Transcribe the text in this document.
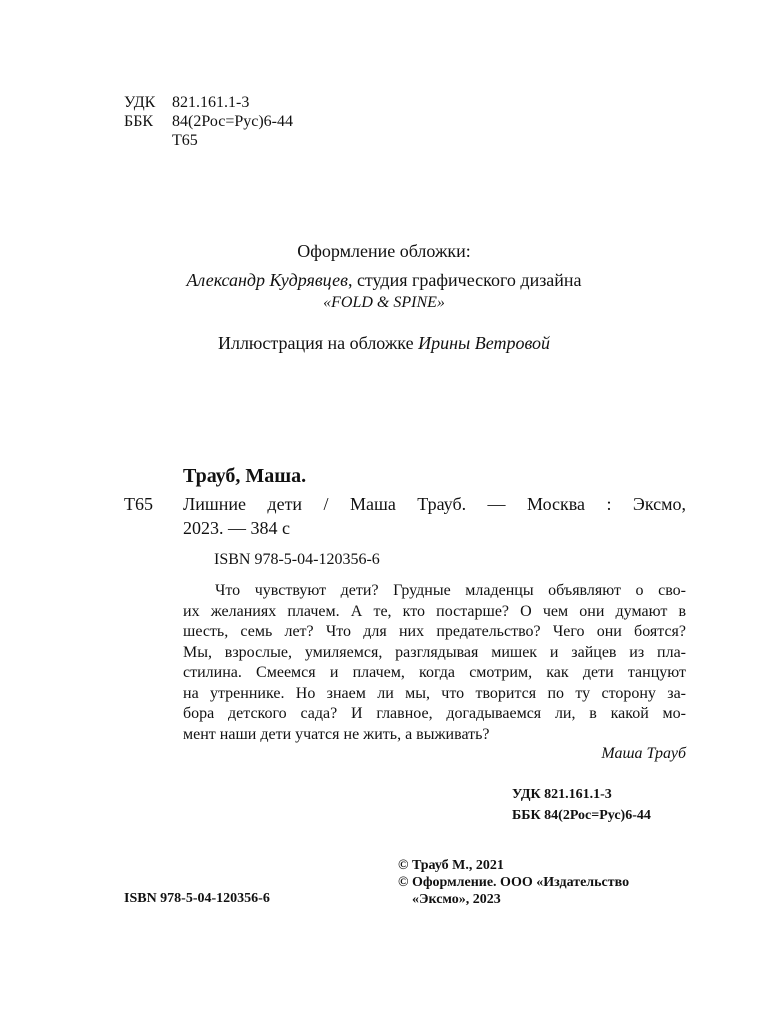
УДК 821.161.1-3
ББК 84(2Рос=Рус)6-44
Т65
Оформление обложки:
Александр Кудрявцев, студия графического дизайна
«FOLD & SPINE»
Иллюстрация на обложке Ирины Ветровой
Трауб, Маша.
Т65 Лишние дети / Маша Трауб. — Москва : Эксмо,
2023. — 384 с
ISBN 978-5-04-120356-6
Что чувствуют дети? Грудные младенцы объявляют о сво-
их желаниях плачем. А те, кто постарше? О чем они думают в
шесть, семь лет? Что для них предательство? Чего они боятся?
Мы, взрослые, умиляемся, разглядывая мишек и зайцев из пла-
стилина. Смеемся и плачем, когда смотрим, как дети танцуют
на утреннике. Но знаем ли мы, что творится по ту сторону за-
бора детского сада? И главное, догадываемся ли, в какой мо-
мент наши дети учатся не жить, а выживать?
Маша Трауб
УДК 821.161.1-3
ББК 84(2Рос=Рус)6-44
ISBN 978-5-04-120356-6
© Трауб М., 2021
© Оформление. ООО «Издательство
«Эксмо», 2023
